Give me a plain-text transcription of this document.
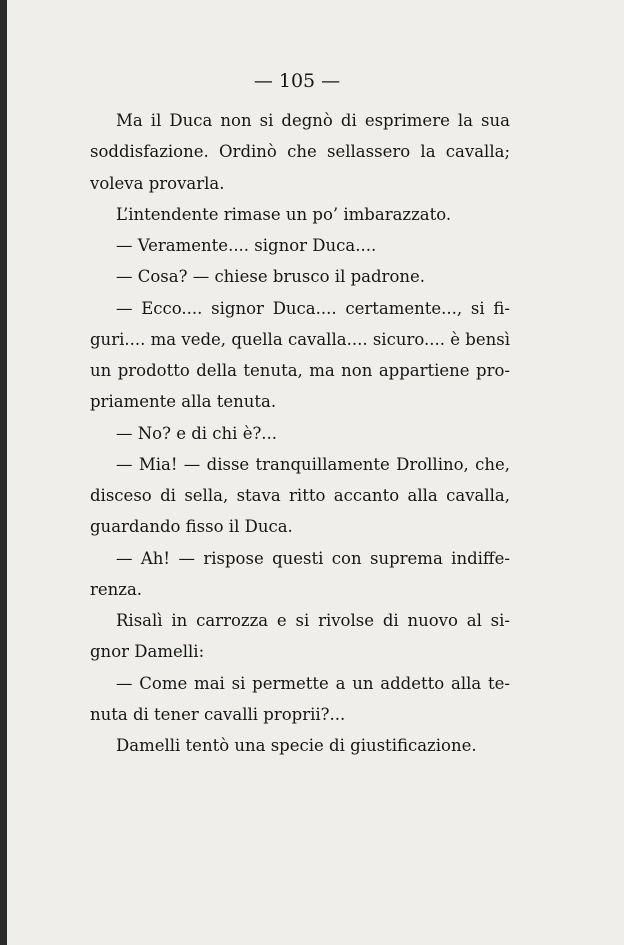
— 105 —
Ma il Duca non si degnò di esprimere la sua
soddisfazione. Ordinò che sellassero la cavalla;
voleva provarla.
L’intendente rimase un po’ imbarazzato.
— Veramente.... signor Duca....
— Cosa? — chiese brusco il padrone.
— Ecco.... signor Duca.... certamente..., si fi-
guri.... ma vede, quella cavalla.... sicuro.... è bensì
un prodotto della tenuta, ma non appartiene pro-
priamente alla tenuta.
— No? e di chi è?...
— Mia! — disse tranquillamente Drollino, che,
disceso di sella, stava ritto accanto alla cavalla,
guardando fisso il Duca.
— Ah! — rispose questi con suprema indiffe-
renza.
Risalì in carrozza e si rivolse di nuovo al si-
gnor Damelli:
— Come mai si permette a un addetto alla te-
nuta di tener cavalli proprii?...
Damelli tentò una specie di giustificazione.
